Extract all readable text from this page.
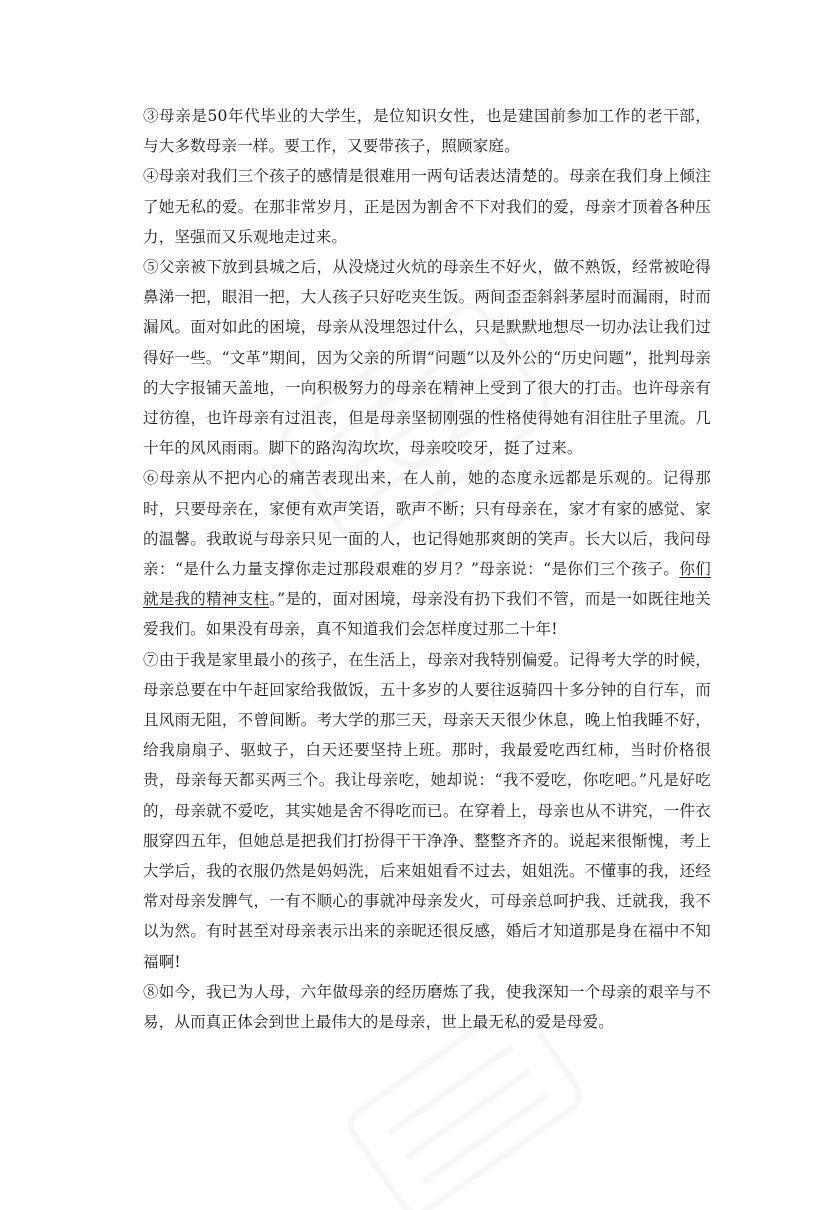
③母亲是50年代毕业的大学生，是位知识女性，也是建国前参加工作的老干部，与大多数母亲一样。要工作，又要带孩子，照顾家庭。

④母亲对我们三个孩子的感情是很难用一两句话表达清楚的。母亲在我们身上倾注了她无私的爱。在那非常岁月，正是因为割舍不下对我们的爱，母亲才顶着各种压力，坚强而又乐观地走过来。

⑤父亲被下放到县城之后，从没烧过火炕的母亲生不好火，做不熟饭，经常被呛得鼻涕一把，眼泪一把，大人孩子只好吃夹生饭。两间歪歪斜斜茅屋时而漏雨，时而漏风。面对如此的困境，母亲从没埋怨过什么，只是默默地想尽一切办法让我们过得好一些。“文革”期间，因为父亲的所谓“问题”以及外公的“历史问题”，批判母亲的大字报铺天盖地，一向积极努力的母亲在精神上受到了很大的打击。也许母亲有过彷徨，也许母亲有过沮丧，但是母亲坚韧刚强的性格使得她有泪往肚子里流。几十年的风风雨雨。脚下的路沟沟坎坎，母亲咬咬牙，挺了过来。

⑥母亲从不把内心的痛苦表现出来，在人前，她的态度永远都是乐观的。记得那时，只要母亲在，家便有欢声笑语，歌声不断；只有母亲在，家才有家的感觉、家的温馨。我敢说与母亲只见一面的人，也记得她那爽朗的笑声。长大以后，我问母亲：“是什么力量支撑你走过那段艰难的岁月？”母亲说：“是你们三个孩子。你们就是我的精神支柱。”是的，面对困境，母亲没有扔下我们不管，而是一如既往地关爱我们。如果没有母亲，真不知道我们会怎样度过那二十年!

⑦由于我是家里最小的孩子，在生活上，母亲对我特别偏爱。记得考大学的时候，母亲总要在中午赶回家给我做饭，五十多岁的人要往返骑四十多分钟的自行车，而且风雨无阻，不曾间断。考大学的那三天，母亲天天很少休息，晚上怕我睡不好，给我扇扇子、驱蚊子，白天还要坚持上班。那时，我最爱吃西红柿，当时价格很贵，母亲每天都买两三个。我让母亲吃，她却说：“我不爱吃，你吃吧。”凡是好吃的，母亲就不爱吃，其实她是舍不得吃而已。在穿着上，母亲也从不讲究，一件衣服穿四五年，但她总是把我们打扮得干干净净、整整齐齐的。说起来很惭愧，考上大学后，我的衣服仍然是妈妈洗，后来姐姐看不过去，姐姐洗。不懂事的我，还经常对母亲发脾气，一有不顺心的事就冲母亲发火，可母亲总呵护我、迁就我，我不以为然。有时甚至对母亲表示出来的亲昵还很反感，婚后才知道那是身在福中不知福啊!

⑧如今，我已为人母，六年做母亲的经历磨炼了我，使我深知一个母亲的艰辛与不易，从而真正体会到世上最伟大的是母亲，世上最无私的爱是母爱。
